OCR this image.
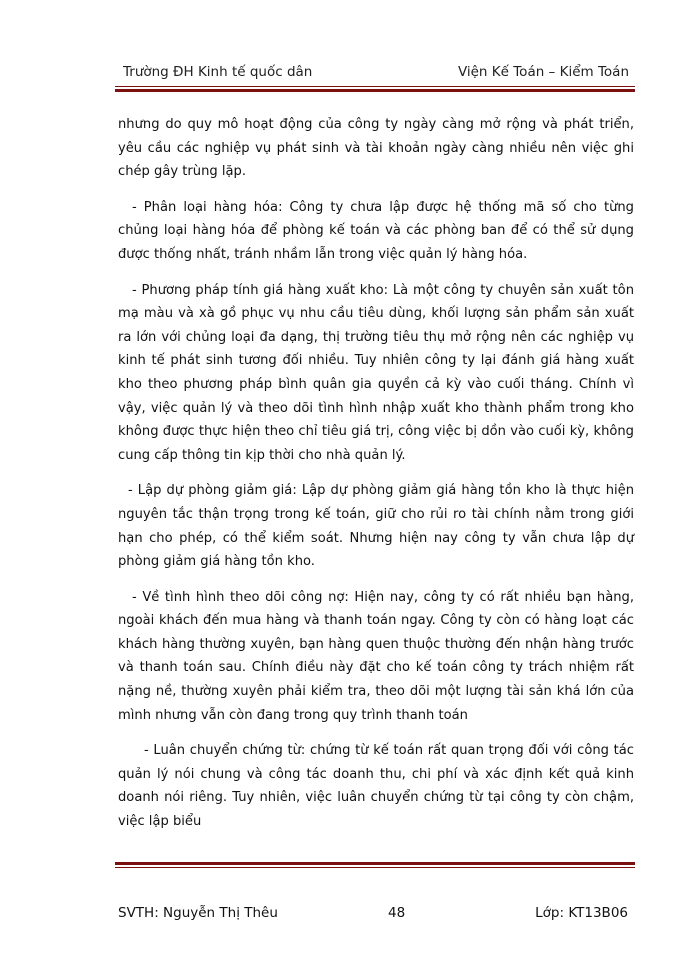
Trường ĐH Kinh tế quốc dân	Viện Kế Toán – Kiểm Toán

nhưng do quy mô hoạt động của công ty ngày càng mở rộng và phát triển, yêu cầu các nghiệp vụ phát sinh và tài khoản ngày càng nhiều nên việc ghi chép gây trùng lặp.

- Phân loại hàng hóa: Công ty chưa lập được hệ thống mã số cho từng chủng loại hàng hóa để phòng kế toán và các phòng ban để có thể sử dụng được thống nhất, tránh nhầm lẫn trong việc quản lý hàng hóa.

- Phương pháp tính giá hàng xuất kho: Là một công ty chuyên sản xuất tôn mạ màu và xà gồ phục vụ nhu cầu tiêu dùng, khối lượng sản phẩm sản xuất ra lớn với chủng loại đa dạng, thị trường tiêu thụ mở rộng nên các nghiệp vụ kinh tế phát sinh tương đối nhiều. Tuy nhiên công ty lại đánh giá hàng xuất kho theo phương pháp bình quân gia quyền cả kỳ vào cuối tháng. Chính vì vậy, việc quản lý và theo dõi tình hình nhập xuất kho thành phẩm trong kho không được thực hiện theo chỉ tiêu giá trị, công việc bị dồn vào cuối kỳ, không cung cấp thông tin kịp thời cho nhà quản lý.

- Lập dự phòng giảm giá: Lập dự phòng giảm giá hàng tồn kho là thực hiện nguyên tắc thận trọng trong kế toán, giữ cho rủi ro tài chính nằm trong giới hạn cho phép, có thể kiểm soát. Nhưng hiện nay công ty vẫn chưa lập dự phòng giảm giá hàng tồn kho.

- Về tình hình theo dõi công nợ: Hiện nay, công ty có rất nhiều bạn hàng, ngoài khách đến mua hàng và thanh toán ngay. Công ty còn có hàng loạt các khách hàng thường xuyên, bạn hàng quen thuộc thường đến nhận hàng trước và thanh toán sau. Chính điều này đặt cho kế toán công ty trách nhiệm rất nặng nề, thường xuyên phải kiểm tra, theo dõi một lượng tài sản khá lớn của mình nhưng vẫn còn đang trong quy trình thanh toán

- Luân chuyển chứng từ: chứng từ kế toán rất quan trọng đối với công tác quản lý nói chung và công tác doanh thu, chi phí và xác định kết quả kinh doanh nói riêng. Tuy nhiên, việc luân chuyển chứng từ tại công ty còn chậm, việc lập biểu

SVTH: Nguyễn Thị Thêu	48	Lớp: KT13B06
